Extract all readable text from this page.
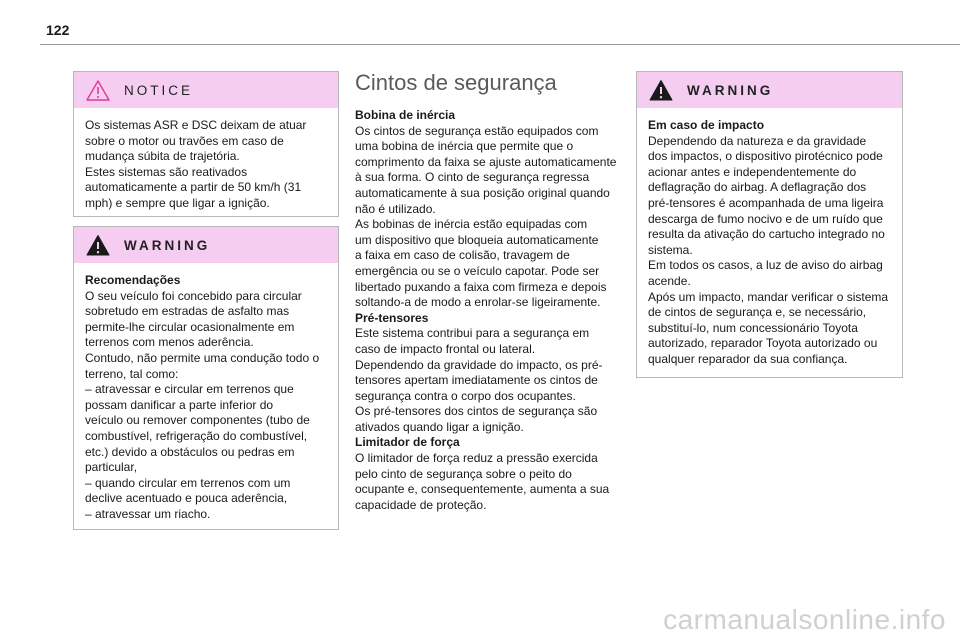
122
NOTICE

Os sistemas ASR e DSC deixam de atuar

sobre o motor ou travões em caso de

mudança súbita de trajetória.

Estes sistemas são reativados

automaticamente a partir de 50 km/h (31

mph) e sempre que ligar a ignição.

WARNING

Recomendações

O seu veículo foi concebido para circular

sobretudo em estradas de asfalto mas

permite-lhe circular ocasionalmente em

terrenos com menos aderência.

Contudo, não permite uma condução todo o

terreno, tal como:

– atravessar e circular em terrenos que

possam danificar a parte inferior do

veículo ou remover componentes (tubo de

combustível, refrigeração do combustível,

etc.) devido a obstáculos ou pedras em

particular,

– quando circular em terrenos com um

declive acentuado e pouca aderência,

– atravessar um riacho.

Cintos de segurança

Bobina de inércia

Os cintos de segurança estão equipados com

uma bobina de inércia que permite que o

comprimento da faixa se ajuste automaticamente

à sua forma. O cinto de segurança regressa

automaticamente à sua posição original quando

não é utilizado.

As bobinas de inércia estão equipadas com

um dispositivo que bloqueia automaticamente

a faixa em caso de colisão, travagem de

emergência ou se o veículo capotar. Pode ser

libertado puxando a faixa com firmeza e depois

soltando-a de modo a enrolar-se ligeiramente.

Pré-tensores

Este sistema contribui para a segurança em

caso de impacto frontal ou lateral.

Dependendo da gravidade do impacto, os pré-

tensores apertam imediatamente os cintos de

segurança contra o corpo dos ocupantes.

Os pré-tensores dos cintos de segurança são

ativados quando ligar a ignição.

Limitador de força

O limitador de força reduz a pressão exercida

pelo cinto de segurança sobre o peito do

ocupante e, consequentemente, aumenta a sua

capacidade de proteção.

WARNING

Em caso de impacto

Dependendo da natureza e da gravidade

dos impactos, o dispositivo pirotécnico pode

acionar antes e independentemente do

deflagração do airbag. A deflagração dos

pré-tensores é acompanhada de uma ligeira

descarga de fumo nocivo e de um ruído que

resulta da ativação do cartucho integrado no

sistema.

Em todos os casos, a luz de aviso do airbag

acende.

Após um impacto, mandar verificar o sistema

de cintos de segurança e, se necessário,

substituí-lo, num concessionário Toyota

autorizado, reparador Toyota autorizado ou

qualquer reparador da sua confiança.

carmanualsonline.info
